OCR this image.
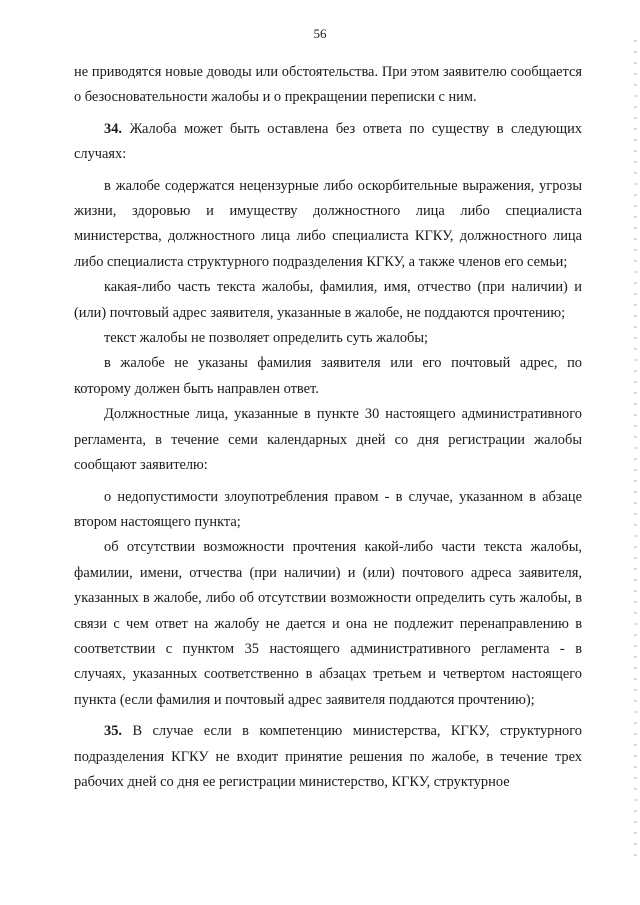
56

не приводятся новые доводы или обстоятельства. При этом заявителю сообщается о безосновательности жалобы и о прекращении переписки с ним.

34. Жалоба может быть оставлена без ответа по существу в следующих случаях:

в жалобе содержатся нецензурные либо оскорбительные выражения, угрозы жизни, здоровью и имуществу должностного лица либо специалиста министерства, должностного лица либо специалиста КГКУ, должностного лица либо специалиста структурного подразделения КГКУ, а также членов его семьи;

какая-либо часть текста жалобы, фамилия, имя, отчество (при наличии) и (или) почтовый адрес заявителя, указанные в жалобе, не поддаются прочтению;

текст жалобы не позволяет определить суть жалобы;

в жалобе не указаны фамилия заявителя или его почтовый адрес, по которому должен быть направлен ответ.

Должностные лица, указанные в пункте 30 настоящего административного регламента, в течение семи календарных дней со дня регистрации жалобы сообщают заявителю:

о недопустимости злоупотребления правом - в случае, указанном в абзаце втором настоящего пункта;

об отсутствии возможности прочтения какой-либо части текста жалобы, фамилии, имени, отчества (при наличии) и (или) почтового адреса заявителя, указанных в жалобе, либо об отсутствии возможности определить суть жалобы, в связи с чем ответ на жалобу не дается и она не подлежит перенаправлению в соответствии с пунктом 35 настоящего административного регламента - в случаях, указанных соответственно в абзацах третьем и четвертом настоящего пункта (если фамилия и почтовый адрес заявителя поддаются прочтению);

35. В случае если в компетенцию министерства, КГКУ, структурного подразделения КГКУ не входит принятие решения по жалобе, в течение трех рабочих дней со дня ее регистрации министерство, КГКУ, структурное
